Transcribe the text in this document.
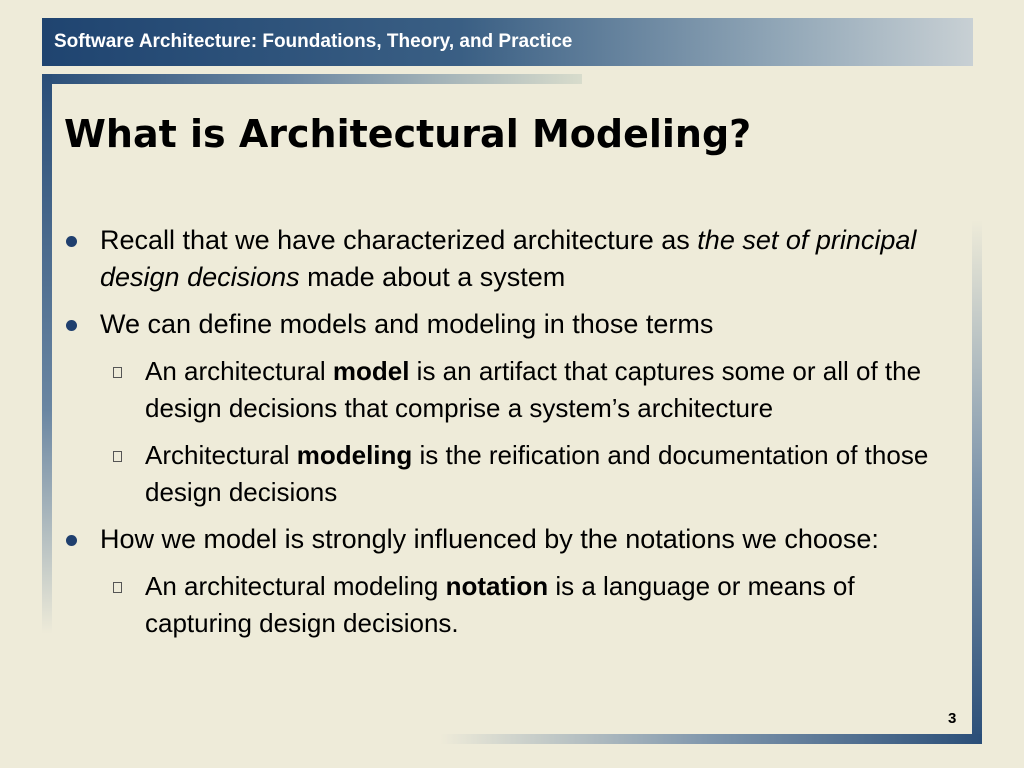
Software Architecture: Foundations, Theory, and Practice
What is Architectural Modeling?
Recall that we have characterized architecture as the set of principal design decisions made about a system
We can define models and modeling in those terms
An architectural model is an artifact that captures some or all of the design decisions that comprise a system’s architecture
Architectural modeling is the reification and documentation of those design decisions
How we model is strongly influenced by the notations we choose:
An architectural modeling notation is a language or means of capturing design decisions.
3
